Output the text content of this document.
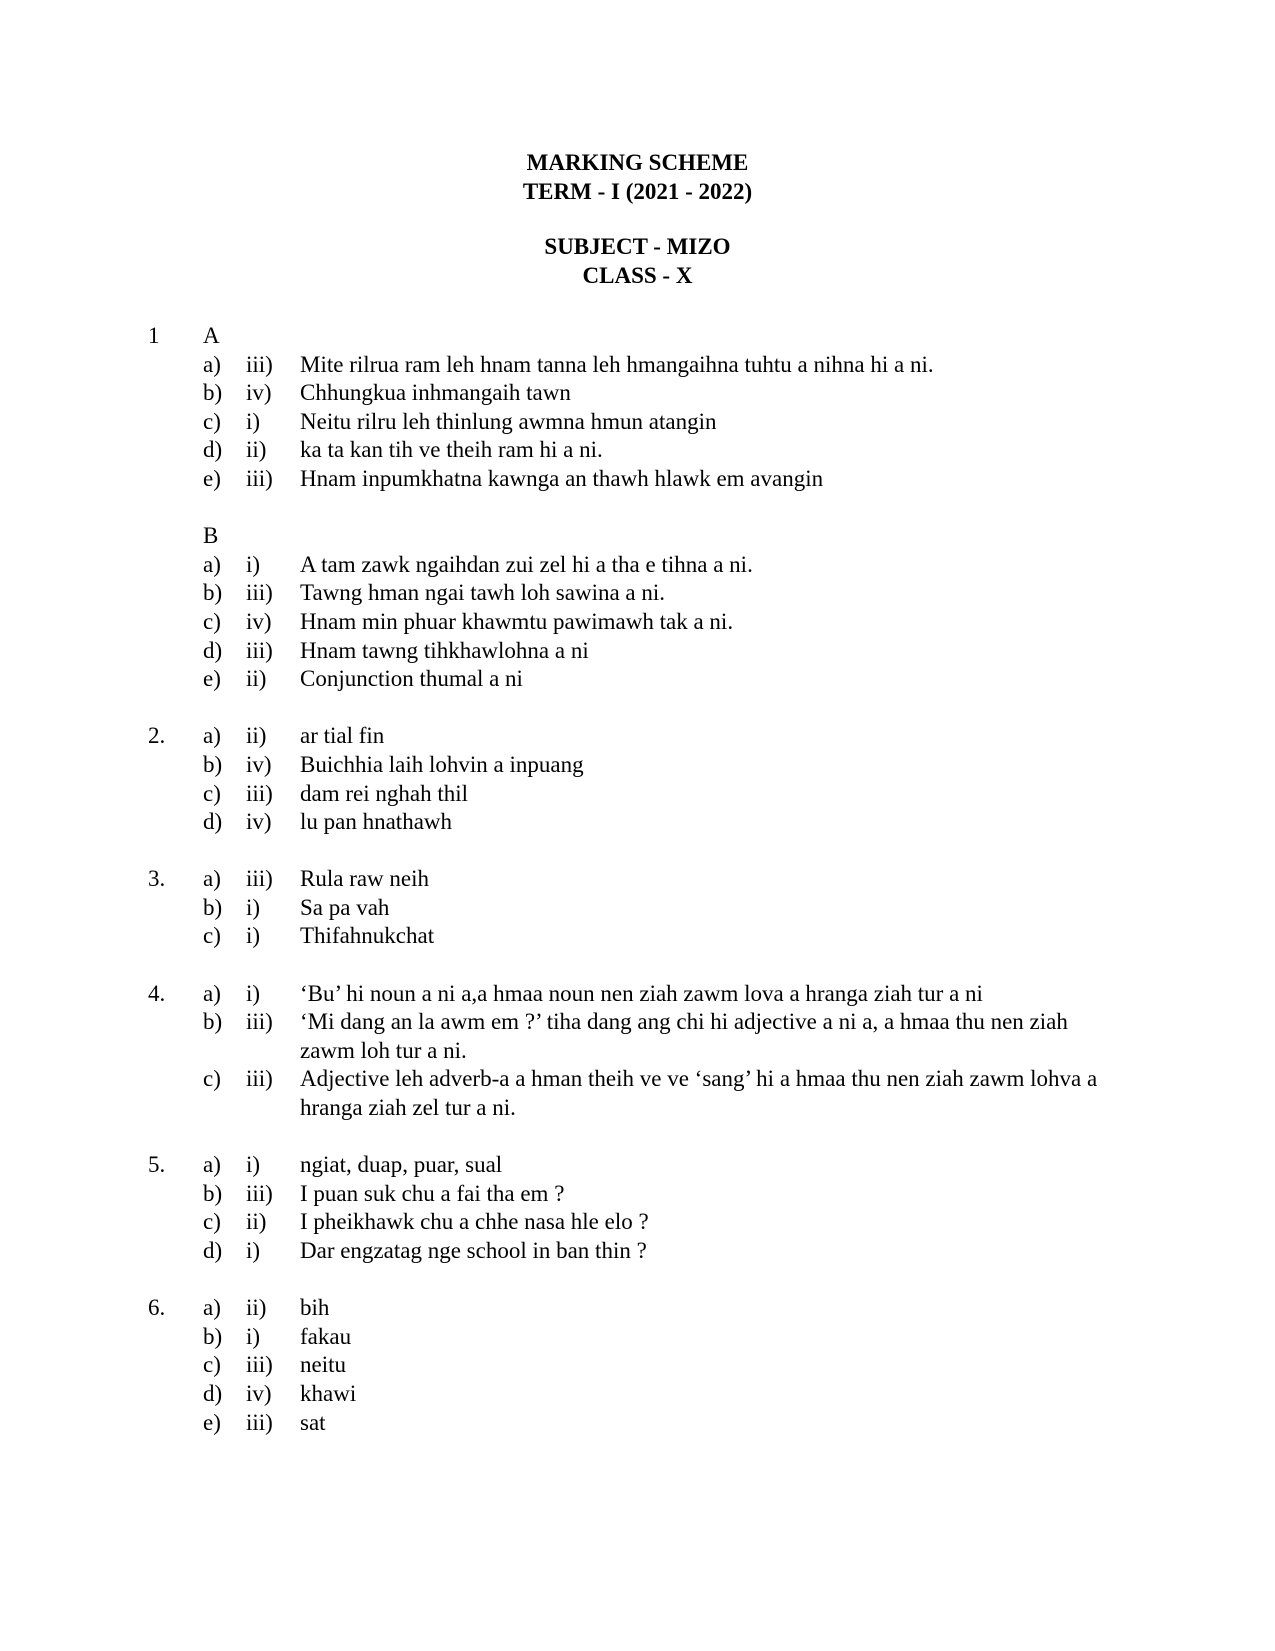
MARKING SCHEME
TERM - I (2021 - 2022)
SUBJECT - MIZO
CLASS - X
1 A
a) iii) Mite rilrua ram leh hnam tanna leh hmangaihna tuhtu a nihna hi a ni.
b) iv) Chhungkua inhmangaih tawn
c) i) Neitu rilru leh thinlung awmna hmun atangin
d) ii) ka ta kan tih ve theih ram hi a ni.
e) iii) Hnam inpumkhatna kawnga an thawh hlawk em avangin
B
a) i) A tam zawk ngaihdan zui zel hi a tha e tihna a ni.
b) iii) Tawng hman ngai tawh loh sawina a ni.
c) iv) Hnam min phuar khawmtu pawimawh tak a ni.
d) iii) Hnam tawng tihkhawlohna a ni
e) ii) Conjunction thumal a ni
2. a) ii) ar tial fin
b) iv) Buichhia laih lohvin a inpuang
c) iii) dam rei nghah thil
d) iv) lu pan hnathawh
3. a) iii) Rula raw neih
b) i) Sa pa vah
c) i) Thifahnukchat
4. a) i) ‘Bu’ hi noun a ni a,a hmaa noun nen ziah zawm lova a hranga ziah tur a ni
b) iii) ‘Mi dang an la awm em ?’ tiha dang ang chi hi adjective a ni a, a hmaa thu nen ziah zawm loh tur a ni.
c) iii) Adjective leh adverb-a a hman theih ve ve ‘sang’ hi a hmaa thu nen ziah zawm lohva a hranga ziah zel tur a ni.
5. a) i) ngiat, duap, puar, sual
b) iii) I puan suk chu a fai tha em ?
c) ii) I pheikhawk chu a chhe nasa hle elo ?
d) i) Dar engzatag nge school in ban thin ?
6. a) ii) bih
b) i) fakau
c) iii) neitu
d) iv) khawi
e) iii) sat
